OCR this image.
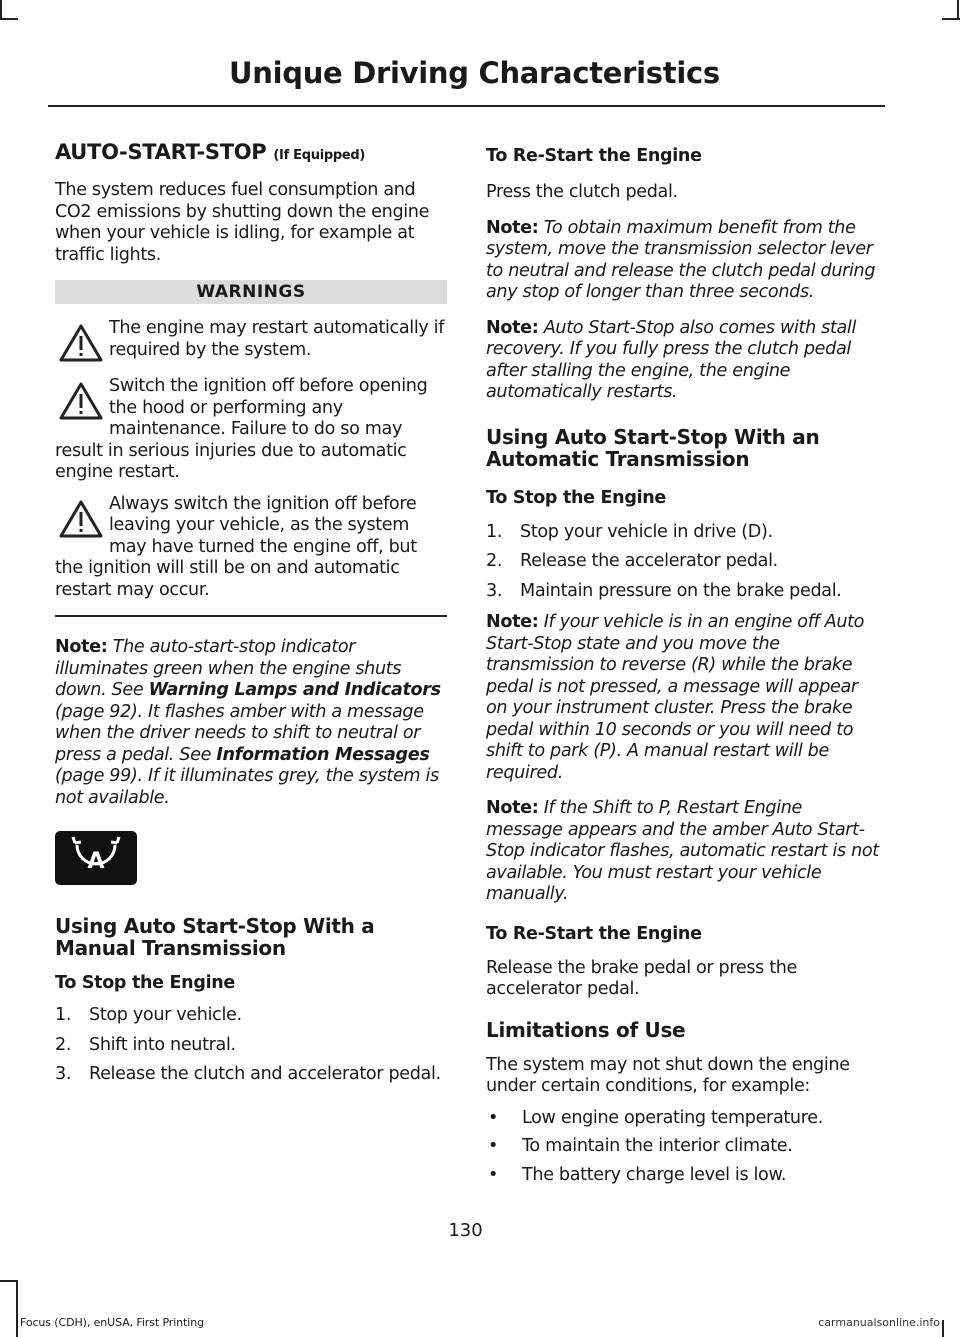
Unique Driving Characteristics
AUTO-START-STOP (If Equipped)

The system reduces fuel consumption and CO2 emissions by shutting down the engine when your vehicle is idling, for example at traffic lights.

WARNINGS

The engine may restart automatically if required by the system.

Switch the ignition off before opening the hood or performing any maintenance. Failure to do so may result in serious injuries due to automatic engine restart.

Always switch the ignition off before leaving your vehicle, as the system may have turned the engine off, but the ignition will still be on and automatic restart may occur.

Note: The auto-start-stop indicator illuminates green when the engine shuts down. See Warning Lamps and Indicators (page 92). It flashes amber with a message when the driver needs to shift to neutral or press a pedal. See Information Messages (page 99). If it illuminates grey, the system is not available.

A
Using Auto Start-Stop With a Manual Transmission
To Stop the Engine
1.	Stop your vehicle.
2.	Shift into neutral.
3.	Release the clutch and accelerator pedal.
To Re-Start the Engine

Press the clutch pedal.

Note: To obtain maximum benefit from the system, move the transmission selector lever to neutral and release the clutch pedal during any stop of longer than three seconds.

Note: Auto Start-Stop also comes with stall recovery. If you fully press the clutch pedal after stalling the engine, the engine automatically restarts.

Using Auto Start-Stop With an Automatic Transmission
To Stop the Engine
1.	Stop your vehicle in drive (D).
2.	Release the accelerator pedal.
3.	Maintain pressure on the brake pedal.

Note: If your vehicle is in an engine off Auto Start-Stop state and you move the transmission to reverse (R) while the brake pedal is not pressed, a message will appear on your instrument cluster. Press the brake pedal within 10 seconds or you will need to shift to park (P). A manual restart will be required.

Note: If the Shift to P, Restart Engine message appears and the amber Auto Start-Stop indicator flashes, automatic restart is not available. You must restart your vehicle manually.

To Re-Start the Engine

Release the brake pedal or press the accelerator pedal.

Limitations of Use

The system may not shut down the engine under certain conditions, for example:

•	Low engine operating temperature.
•	To maintain the interior climate.
•	The battery charge level is low.
130
Focus (CDH), enUSA, First Printing	carmanualsonline.info
